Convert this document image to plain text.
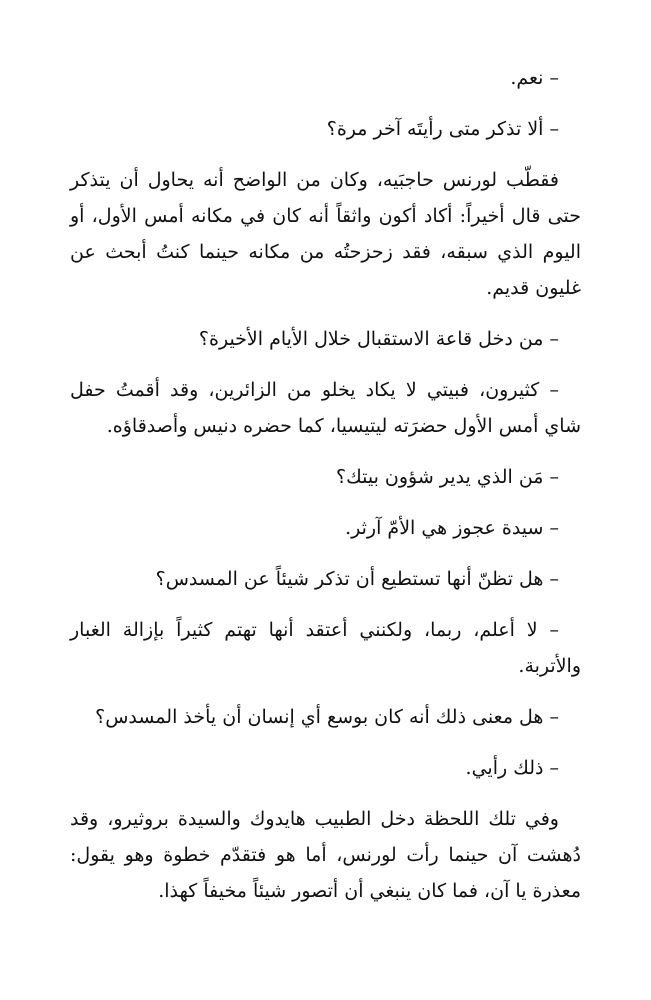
– نعم.

– ألا تذكر متى رأيتَه آخر مرة؟

فقطّب لورنس حاجبَيه، وكان من الواضح أنه يحاول أن يتذكر حتى قال أخيراً: أكاد أكون واثقاً أنه كان في مكانه أمس الأول، أو اليوم الذي سبقه، فقد زحزحتُه من مكانه حينما كنتُ أبحث عن غليون قديم.

– من دخل قاعة الاستقبال خلال الأيام الأخيرة؟

– كثيرون، فبيتي لا يكاد يخلو من الزائرين، وقد أقمتُ حفل شاي أمس الأول حضرَته ليتيسيا، كما حضره دنيس وأصدقاؤه.

– مَن الذي يدير شؤون بيتك؟

– سيدة عجوز هي الأمّ آرثر.

– هل تظنّ أنها تستطيع أن تذكر شيئاً عن المسدس؟

– لا أعلم، ربما، ولكنني أعتقد أنها تهتم كثيراً بإزالة الغبار والأتربة.

– هل معنى ذلك أنه كان بوسع أي إنسان أن يأخذ المسدس؟

– ذلك رأيي.

وفي تلك اللحظة دخل الطبيب هايدوك والسيدة بروثيرو، وقد دُهشت آن حينما رأت لورنس، أما هو فتقدّم خطوة وهو يقول: معذرة يا آن، فما كان ينبغي أن أتصور شيئاً مخيفاً كهذا.
